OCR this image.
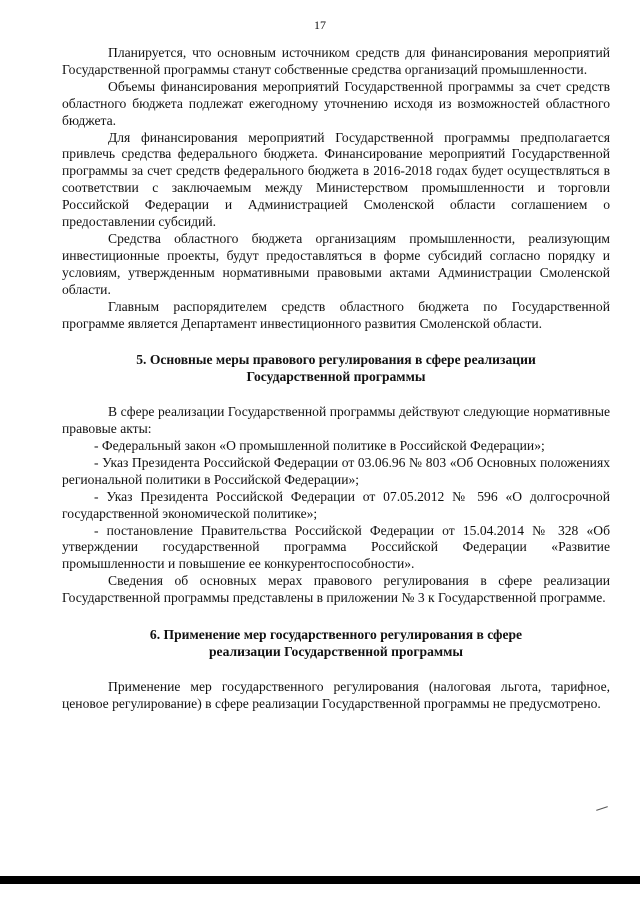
17

Планируется, что основным источником средств для финансирования мероприятий Государственной программы станут собственные средства организаций промышленности.

Объемы финансирования мероприятий Государственной программы за счет средств областного бюджета подлежат ежегодному уточнению исходя из возможностей областного бюджета.

Для финансирования мероприятий Государственной программы предполагается привлечь средства федерального бюджета. Финансирование мероприятий Государственной программы за счет средств федерального бюджета в 2016-2018 годах будет осуществляться в соответствии с заключаемым между Министерством промышленности и торговли Российской Федерации и Администрацией Смоленской области соглашением о предоставлении субсидий.

Средства областного бюджета организациям промышленности, реализующим инвестиционные проекты, будут предоставляться в форме субсидий согласно порядку и условиям, утвержденным нормативными правовыми актами Администрации Смоленской области.

Главным распорядителем средств областного бюджета по Государственной программе является Департамент инвестиционного развития Смоленской области.

5. Основные меры правового регулирования в сфере реализации
Государственной программы

В сфере реализации Государственной программы действуют следующие нормативные правовые акты:

- Федеральный закон «О промышленной политике в Российской Федерации»;

- Указ Президента Российской Федерации от 03.06.96 № 803 «Об Основных положениях региональной политики в Российской Федерации»;

- Указ Президента Российской Федерации от 07.05.2012 № 596 «О долгосрочной государственной экономической политике»;

- постановление Правительства Российской Федерации от 15.04.2014 № 328 «Об утверждении государственной программа Российской Федерации «Развитие промышленности и повышение ее конкурентоспособности».

Сведения об основных мерах правового регулирования в сфере реализации Государственной программы представлены в приложении № 3 к Государственной программе.

6. Применение мер государственного регулирования в сфере
реализации Государственной программы

Применение мер государственного регулирования (налоговая льгота, тарифное, ценовое регулирование) в сфере реализации Государственной программы не предусмотрено.
